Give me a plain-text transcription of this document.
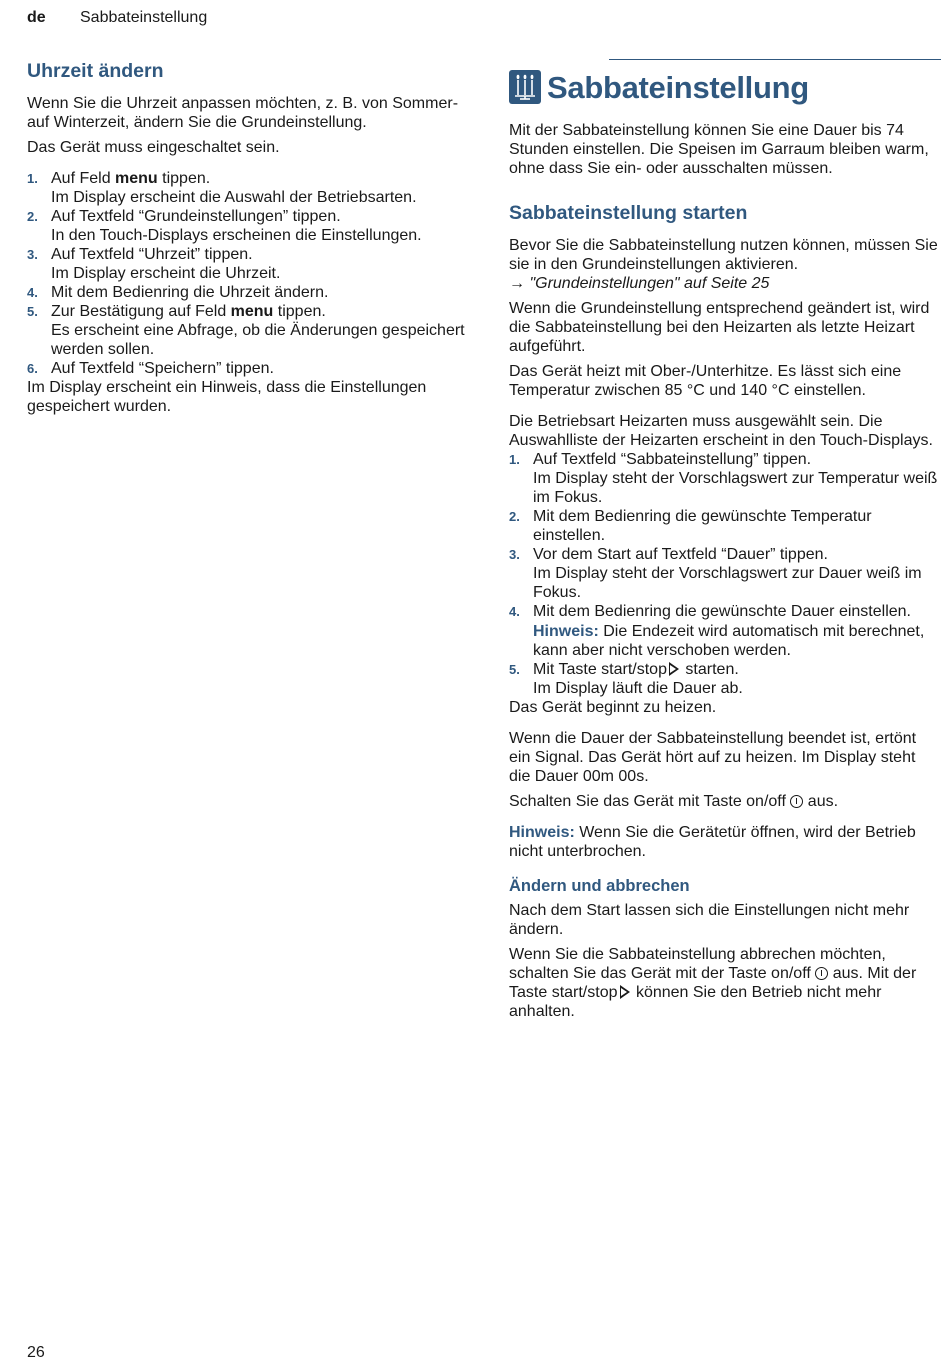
de Sabbateinstellung
Uhrzeit ändern

Wenn Sie die Uhrzeit anpassen möchten, z. B. von Sommer- auf Winterzeit, ändern Sie die Grundeinstellung.

Das Gerät muss eingeschaltet sein.

1. Auf Feld menu tippen.
Im Display erscheint die Auswahl der Betriebsarten.
2. Auf Textfeld “Grundeinstellungen” tippen.
In den Touch-Displays erscheinen die Einstellungen.
3. Auf Textfeld “Uhrzeit” tippen.
Im Display erscheint die Uhrzeit.
4. Mit dem Bedienring die Uhrzeit ändern.
5. Zur Bestätigung auf Feld menu tippen.
Es erscheint eine Abfrage, ob die Änderungen gespeichert werden sollen.
6. Auf Textfeld “Speichern” tippen.

Im Display erscheint ein Hinweis, dass die Einstellungen gespeichert wurden.

Sabbateinstellung

Mit der Sabbateinstellung können Sie eine Dauer bis 74 Stunden einstellen. Die Speisen im Garraum bleiben warm, ohne dass Sie ein- oder ausschalten müssen.

Sabbateinstellung starten

Bevor Sie die Sabbateinstellung nutzen können, müssen Sie sie in den Grundeinstellungen aktivieren.
→ "Grundeinstellungen" auf Seite 25

Wenn die Grundeinstellung entsprechend geändert ist, wird die Sabbateinstellung bei den Heizarten als letzte Heizart aufgeführt.

Das Gerät heizt mit Ober-/Unterhitze. Es lässt sich eine Temperatur zwischen 85 °C und 140 °C einstellen.

Die Betriebsart Heizarten muss ausgewählt sein. Die Auswahlliste der Heizarten erscheint in den Touch-Displays.

1. Auf Textfeld “Sabbateinstellung” tippen.
Im Display steht der Vorschlagswert zur Temperatur weiß im Fokus.
2. Mit dem Bedienring die gewünschte Temperatur einstellen.
3. Vor dem Start auf Textfeld “Dauer” tippen.
Im Display steht der Vorschlagswert zur Dauer weiß im Fokus.
4. Mit dem Bedienring die gewünschte Dauer einstellen.
Hinweis: Die Endezeit wird automatisch mit berechnet, kann aber nicht verschoben werden.
5. Mit Taste start/stop starten.
Im Display läuft die Dauer ab.

Das Gerät beginnt zu heizen.

Wenn die Dauer der Sabbateinstellung beendet ist, ertönt ein Signal. Das Gerät hört auf zu heizen. Im Display steht die Dauer 00m 00s.

Schalten Sie das Gerät mit Taste on/off  aus.

Hinweis: Wenn Sie die Gerätetür öffnen, wird der Betrieb nicht unterbrochen.

Ändern und abbrechen

Nach dem Start lassen sich die Einstellungen nicht mehr ändern.

Wenn Sie die Sabbateinstellung abbrechen möchten, schalten Sie das Gerät mit der Taste on/off  aus. Mit der Taste start/stop können Sie den Betrieb nicht mehr anhalten.

26
